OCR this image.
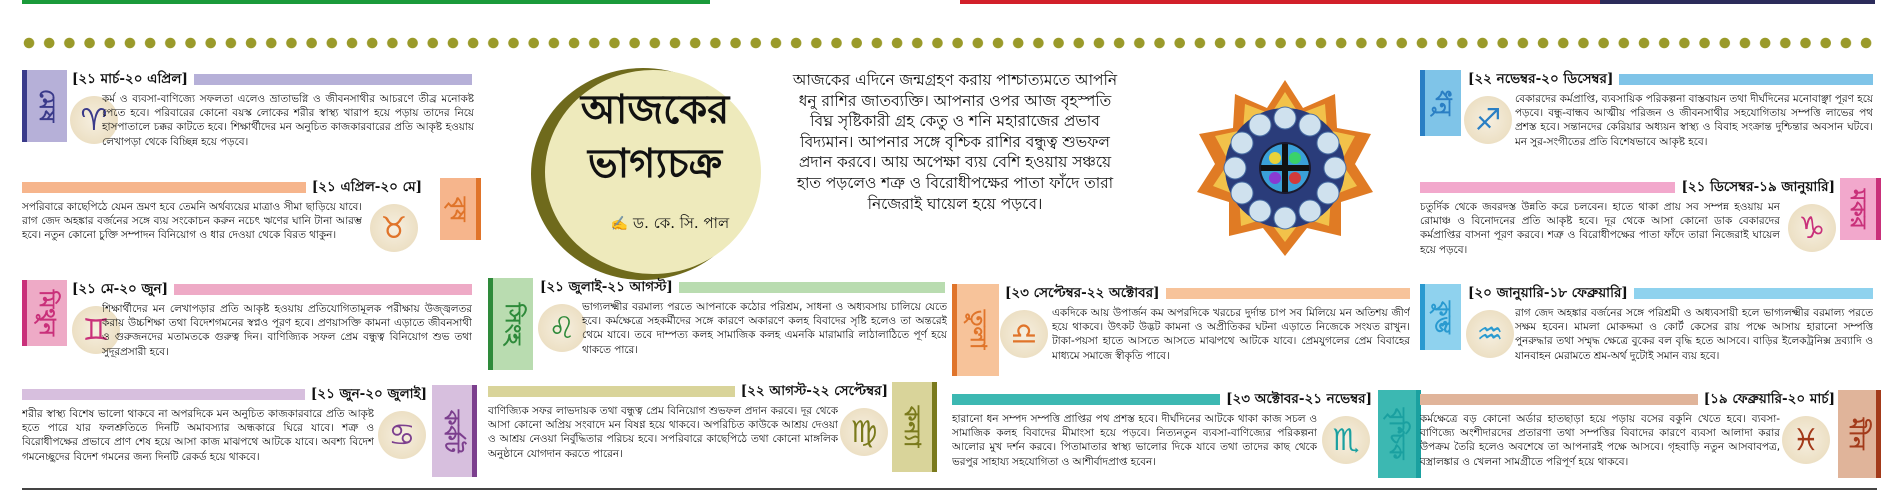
আজকের
ভাগ্যচক্র
✍ ড. কে. সি. পাল
আজকের এদিনে জন্মগ্রহণ করায় পাশ্চাত্যমতে আপনি ধনু রাশির জাতব্যক্তি। আপনার ওপর আজ বৃহস্পতি বিঘ্ন সৃষ্টিকারী গ্রহ কেতু ও শনি মহারাজের প্রভাব বিদ্যমান। আপনার সঙ্গে বৃশ্চিক রাশির বন্ধুত্ব শুভফল প্রদান করবে। আয় অপেক্ষা ব্যয় বেশি হওয়ায় সঞ্চয়ে হাত পড়লেও শত্রু ও বিরোধীপক্ষের পাতা ফাঁদে তারা নিজেরাই ঘায়েল হয়ে পড়বে।
মেষ
[২১ মার্চ-২০ এপ্রিল]
♈
কর্ম ও ব্যবসা-বাণিজ্যে সফলতা এলেও ভ্রাতাভগ্নি ও জীবনসাথীর আচরণে তীব্র মনোকষ্ট পেতে হবে। পরিবারের কোনো বয়স্ক লোকের শরীর স্বাস্থ্য খারাপ হয়ে পড়ায় তাদের নিয়ে হাসপাতালে চক্কর কাটতে হবে। শিক্ষার্থীদের মন অনুচিত কাজকারবারের প্রতি আকৃষ্ট হওয়ায় লেখাপড়া থেকে বিচ্ছিন্ন হয়ে পড়বে।
বৃষ
[২১ এপ্রিল-২০ মে]
♉
সপরিবারে কাছেপিঠে যেমন ভ্রমণ হবে তেমনি অর্থব্যয়ের মাত্রাও সীমা ছাড়িয়ে যাবে। রাগ জেদ অহঙ্কার বর্জনের সঙ্গে ব্যয় সংকোচন করুন নচেৎ ঋণের ঘানি টানা আরম্ভ হবে। নতুন কোনো চুক্তি সম্পাদন বিনিয়োগ ও ধার দেওয়া থেকে বিরত থাকুন।
মিথুন
[২১ মে-২০ জুন]
♊
শিক্ষার্থীদের মন লেখাপড়ার প্রতি আকৃষ্ট হওয়ায় প্রতিযোগিতামূলক পরীক্ষায় উজ্জ্বলতর করায় উচ্চশিক্ষা তথা বিদেশগমনের স্বপ্নও পূরণ হবে। প্রণয়াসক্তি কামনা এড়াতে জীবনসাথী ও গুরুজনদের মতামতকে গুরুত্ব দিন। বাণিজ্যিক সফল প্রেম বন্ধুত্ব বিনিয়োগ শুভ তথা সুদূরপ্রসারী হবে।
কর্কট
[২১ জুন-২০ জুলাই]
♋
শরীর স্বাস্থ্য বিশেষ ভালো থাকবে না অপরদিকে মন অনুচিত কাজকারবারে প্রতি আকৃষ্ট হতে পারে যার ফলশ্রুতিতে দিনটি অমাবস্যার অন্ধকারে ঘিরে যাবে। শত্রু ও বিরোধীপক্ষের প্রভাবে প্রাণ শেষ হয়ে আসা কাজ মাঝপথে আটকে যাবে। অবশ্য বিদেশ গমনেচ্ছুদের বিদেশ গমনের জন্য দিনটি রেকর্ড হয়ে থাকবে।
সিংহ
[২১ জুলাই-২১ আগস্ট]
♌
ভাগ্যলক্ষ্মীর বরমাল্য পরতে আপনাকে কঠোর পরিশ্রম, সাধনা ও অধ্যবসায় চালিয়ে যেতে হবে। কর্মক্ষেত্রে সহকর্মীদের সঙ্গে কারণে অকারণে কলহ বিবাদের সৃষ্টি হলেও তা অন্তরেই থেমে যাবে। তবে দাম্পত্য কলহ সামাজিক কলহ এমনকি মারামারি লাঠালাঠিতে পূর্ণ হয়ে থাকতে পারে।
কন্যা
[২২ আগস্ট-২২ সেপ্টেম্বর]
♍
বাণিজ্যিক সফর লাভদায়ক তথা বন্ধুত্ব প্রেম বিনিয়োগ শুভফল প্রদান করবে। দূর থেকে আসা কোনো অপ্রিয় সংবাদে মন বিষণ্ণ হয়ে থাকবে। অপরিচিত কাউকে আশ্রয় দেওয়া ও আশ্রয় নেওয়া নির্বুদ্ধিতার পরিচয় হবে। সপরিবারে কাছেপিঠে তথা কোনো মাঙ্গলিক অনুষ্ঠানে যোগদান করতে পারেন।
তুলা
[২৩ সেপ্টেম্বর-২২ অক্টোবর]
♎
একদিকে আয় উপার্জন কম অপরদিকে খরচের দুর্দান্ত চাপ সব মিলিয়ে মন অতিশয় জীর্ণ হয়ে থাকবে। উৎকট উদ্ভট কামনা ও অপ্রীতিকর ঘটনা এড়াতে নিজেকে সংযত রাখুন। টাকা-পয়সা হাতে আসতে আসতে মাঝপথে আটকে যাবে। প্রেমযুগলের প্রেম বিবাহের মাধ্যমে সমাজে স্বীকৃতি পাবে।
বৃশ্চিক
[২৩ অক্টোবর-২১ নভেম্বর]
♏
হারানো ধন সম্পদ সম্পত্তি প্রাপ্তির পথ প্রশস্ত হবে। দীর্ঘদিনের আটকে থাকা কাজ সচল ও সামাজিক কলহ বিবাদের মীমাংসা হয়ে পড়বে। নিত্যনতুন ব্যবসা-বাণিজ্যের পরিকল্পনা আলোর মুখ দর্শন করবে। পিতামাতার স্বাস্থ্য ভালোর দিকে যাবে তথা তাদের কাছ থেকে ভরপুর সাহায্য সহযোগিতা ও আশীর্বাদপ্রাপ্ত হবেন।
ধনু
[২২ নভেম্বর-২০ ডিসেম্বর]
♐
বেকারদের কর্মপ্রাপ্তি, ব্যবসায়িক পরিকল্পনা বাস্তবায়ন তথা দীর্ঘদিনের মনোবাঞ্ছা পূরণ হয়ে পড়বে। বন্ধু-বান্ধব আত্মীয় পরিজন ও জীবনসাথীর সহযোগিতায় সম্পত্তি লাভের পথ প্রশস্ত হবে। সন্তানদের কেরিয়ার অধ্যয়ন স্বাস্থ্য ও বিবাহ সংক্রান্ত দুশ্চিন্তার অবসান ঘটবে। মন সুর-সংগীতের প্রতি বিশেষভাবে আকৃষ্ট হবে।
মকর
[২১ ডিসেম্বর-১৯ জানুয়ারি]
♑
চতুর্দিক থেকে জবরদস্ত উন্নতি করে চলবেন। হাতে থাকা প্রায় সব সম্পন্ন হওয়ায় মন রোমাঞ্চ ও বিনোদনের প্রতি আকৃষ্ট হবে। দূর থেকে আসা কোনো ডাক বেকারদের কর্মপ্রাপ্তির বাসনা পূরণ করবে। শত্রু ও বিরোধীপক্ষের পাতা ফাঁদে তারা নিজেরাই ঘায়েল হয়ে পড়বে।
কুম্ভ
[২০ জানুয়ারি-১৮ ফেব্রুয়ারি]
♒
রাগ জেদ অহঙ্কার বর্জনের সঙ্গে পরিশ্রমী ও অধ্যবসায়ী হলে ভাগ্যলক্ষ্মীর বরমাল্য পরতে সক্ষম হবেন। মামলা মোকদ্দমা ও কোর্ট কেসের রায় পক্ষে আসায় হারানো সম্পত্তি পুনরুদ্ধার তথা সম্মৃদ্ধ ক্ষেত্রে বুকের বল বৃদ্ধি হতে আসবে। বাড়ির ইলেকট্রনিক্স দ্রব্যাদি ও যানবাহন মেরামতে শ্রম-অর্থ দুটোই সমান ব্যয় হবে।
মীন
[১৯ ফেব্রুয়ারি-২০ মার্চ]
♓
কর্মক্ষেত্রে বড় কোনো অর্ডার হাতছাড়া হয়ে পড়ায় বসের বকুনি খেতে হবে। ব্যবসা-বাণিজ্যে অংশীদারদের প্রতারণা তথা সম্পত্তির বিবাদের কারণে ব্যবসা আলাদা করার উপক্রম তৈরি হলেও অবশেষে তা আপনারই পক্ষে আসবে। গৃহবাড়ি নতুন আসবাবপত্র, বস্ত্রালঙ্কার ও খেলনা সামগ্রীতে পরিপূর্ণ হয়ে থাকবে।
